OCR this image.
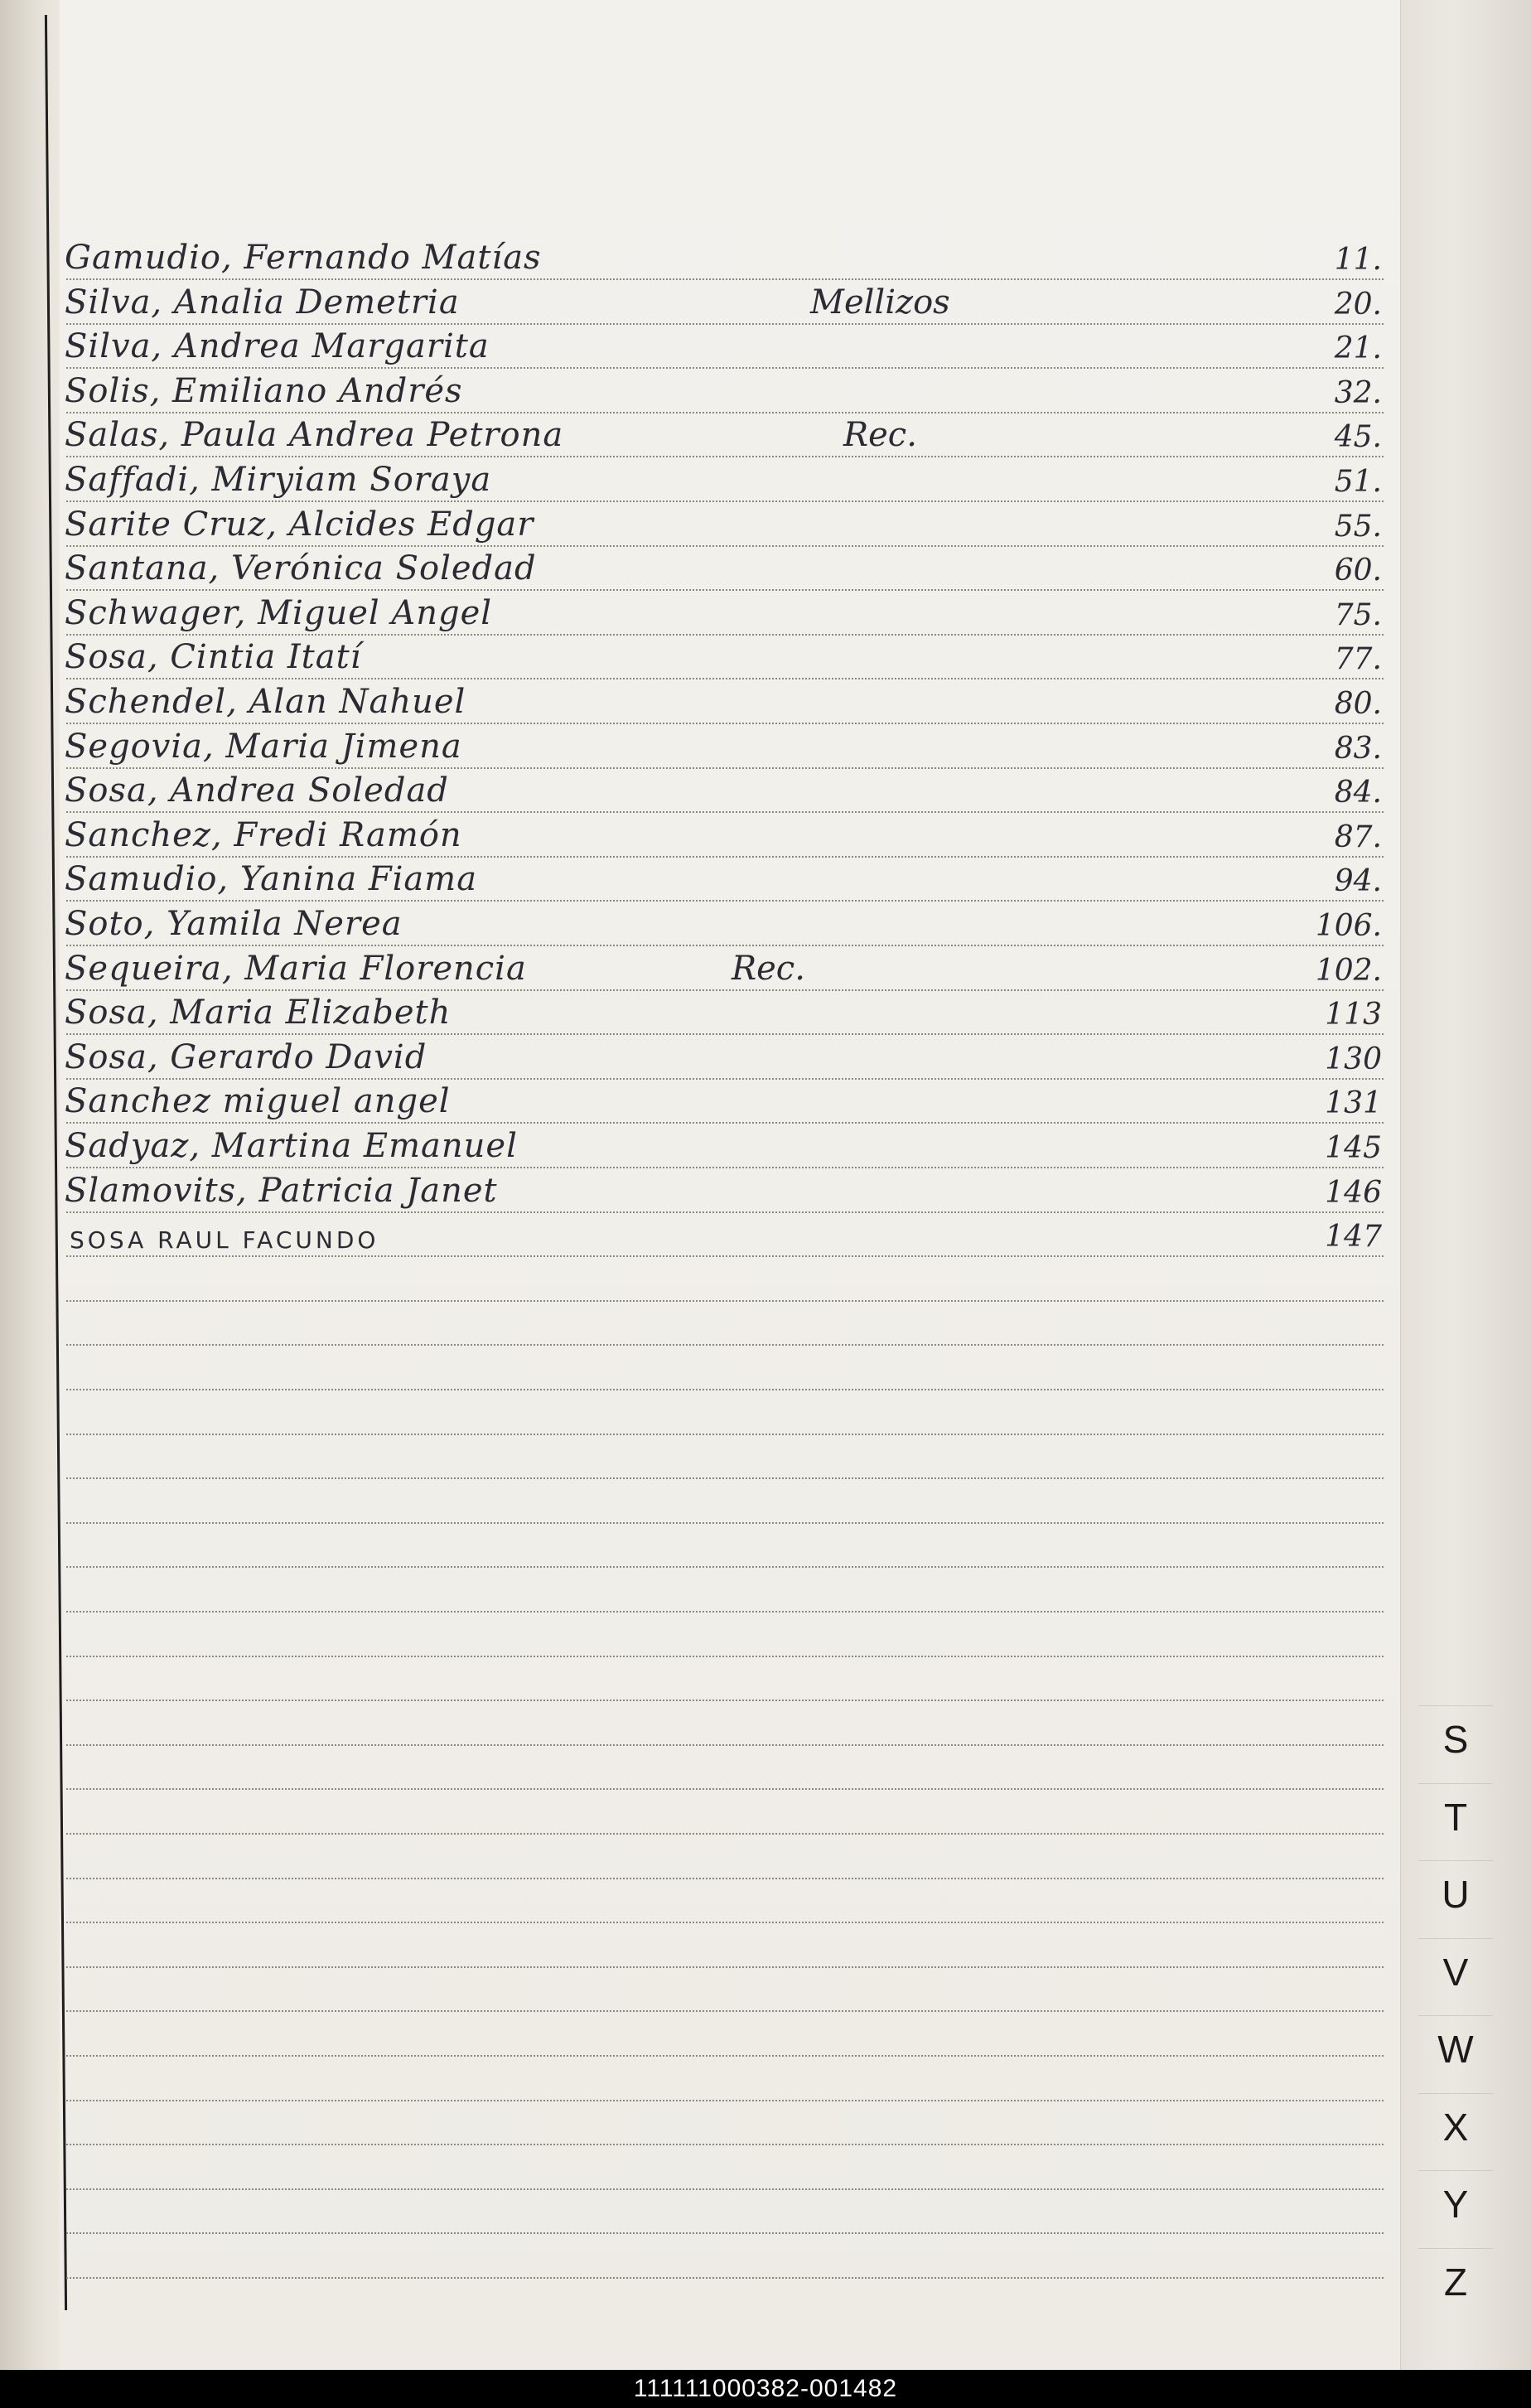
Gamudio, Fernando Matías	11.
Silva, Analia Demetria	Mellizos	20.
Silva, Andrea Margarita	21.
Solis, Emiliano Andrés	32.
Salas, Paula Andrea Petrona	Rec.	45.
Saffadi, Miryiam Soraya	51.
Sarite Cruz, Alcides Edgar	55.
Santana, Verónica Soledad	60.
Schwager, Miguel Angel	75.
Sosa, Cintia Itatí	77.
Schendel, Alan Nahuel	80.
Segovia, Maria Jimena	83.
Sosa, Andrea Soledad	84.
Sanchez, Fredi Ramón	87.
Samudio, Yanina Fiama	94.
Soto, Yamila Nerea	106.
Sequeira, Maria Florencia	Rec.	102.
Sosa, Maria Elizabeth	113
Sosa, Gerardo David	130
Sanchez miguel angel	131
Sadyaz, Martina Emanuel	145
Slamovits, Patricia Janet	146
SOSA RAUL FACUNDO	147
S
T
U
V
W
X
Y
Z
111111000382-001482
